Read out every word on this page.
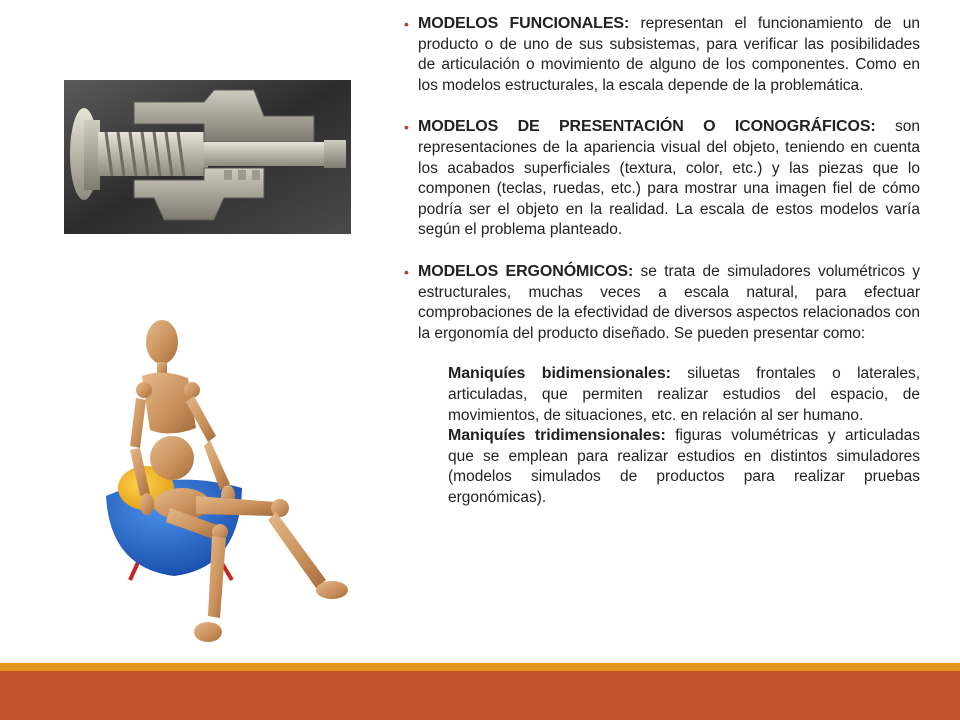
• MODELOS FUNCIONALES: representan el funcionamiento de un producto o de uno de sus subsistemas, para verificar las posibilidades de articulación o movimiento de alguno de los componentes. Como en los modelos estructurales, la escala depende de la problemática.
• MODELOS DE PRESENTACIÓN O ICONOGRÁFICOS: son representaciones de la apariencia visual del objeto, teniendo en cuenta los acabados superficiales (textura, color, etc.) y las piezas que lo componen (teclas, ruedas, etc.) para mostrar una imagen fiel de cómo podría ser el objeto en la realidad. La escala de estos modelos varía según el problema planteado.
• MODELOS ERGONÓMICOS: se trata de simuladores volumétricos y estructurales, muchas veces a escala natural, para efectuar comprobaciones de la efectividad de diversos aspectos relacionados con la ergonomía del producto diseñado. Se pueden presentar como:

Maniquíes bidimensionales: siluetas frontales o laterales, articuladas, que permiten realizar estudios del espacio, de movimientos, de situaciones, etc. en relación al ser humano.

Maniquíes tridimensionales: figuras volumétricas y articuladas que se emplean para realizar estudios en distintos simuladores (modelos simulados de productos para realizar pruebas ergonómicas).
